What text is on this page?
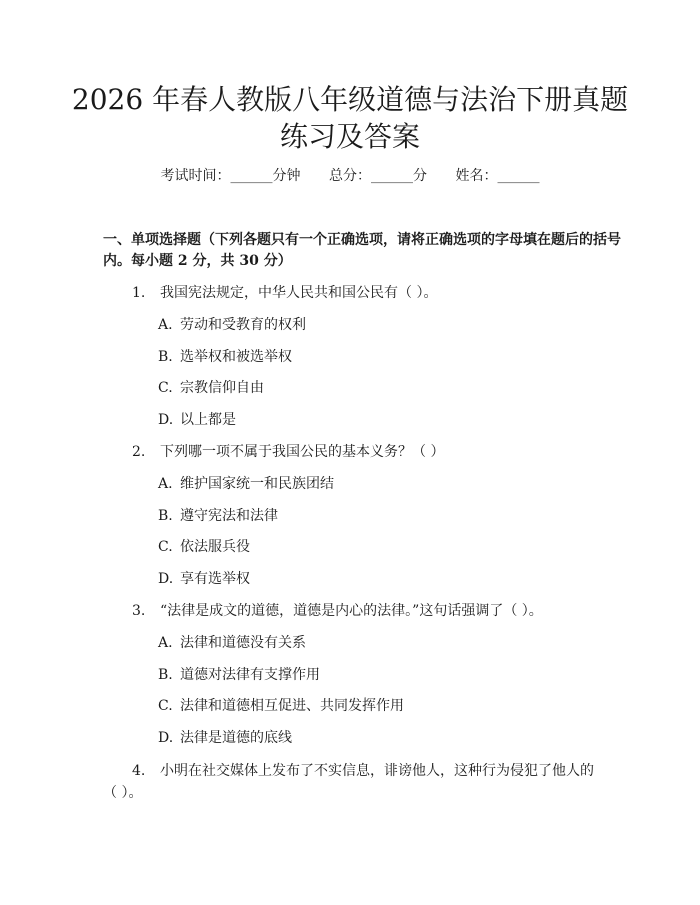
2026 年春人教版八年级道德与法治下册真题
练习及答案
考试时间：______分钟 总分：______分 姓名：______
一、单项选择题（下列各题只有一个正确选项，请将正确选项的字母填在题后的括号内。每小题 2 分，共 30 分）
1. 我国宪法规定，中华人民共和国公民有（ ）。
A. 劳动和受教育的权利
B. 选举权和被选举权
C. 宗教信仰自由
D. 以上都是
2. 下列哪一项不属于我国公民的基本义务？（ ）
A. 维护国家统一和民族团结
B. 遵守宪法和法律
C. 依法服兵役
D. 享有选举权
3. “法律是成文的道德，道德是内心的法律。”这句话强调了（ ）。
A. 法律和道德没有关系
B. 道德对法律有支撑作用
C. 法律和道德相互促进、共同发挥作用
D. 法律是道德的底线
4. 小明在社交媒体上发布了不实信息，诽谤他人，这种行为侵犯了他人的（ ）。
